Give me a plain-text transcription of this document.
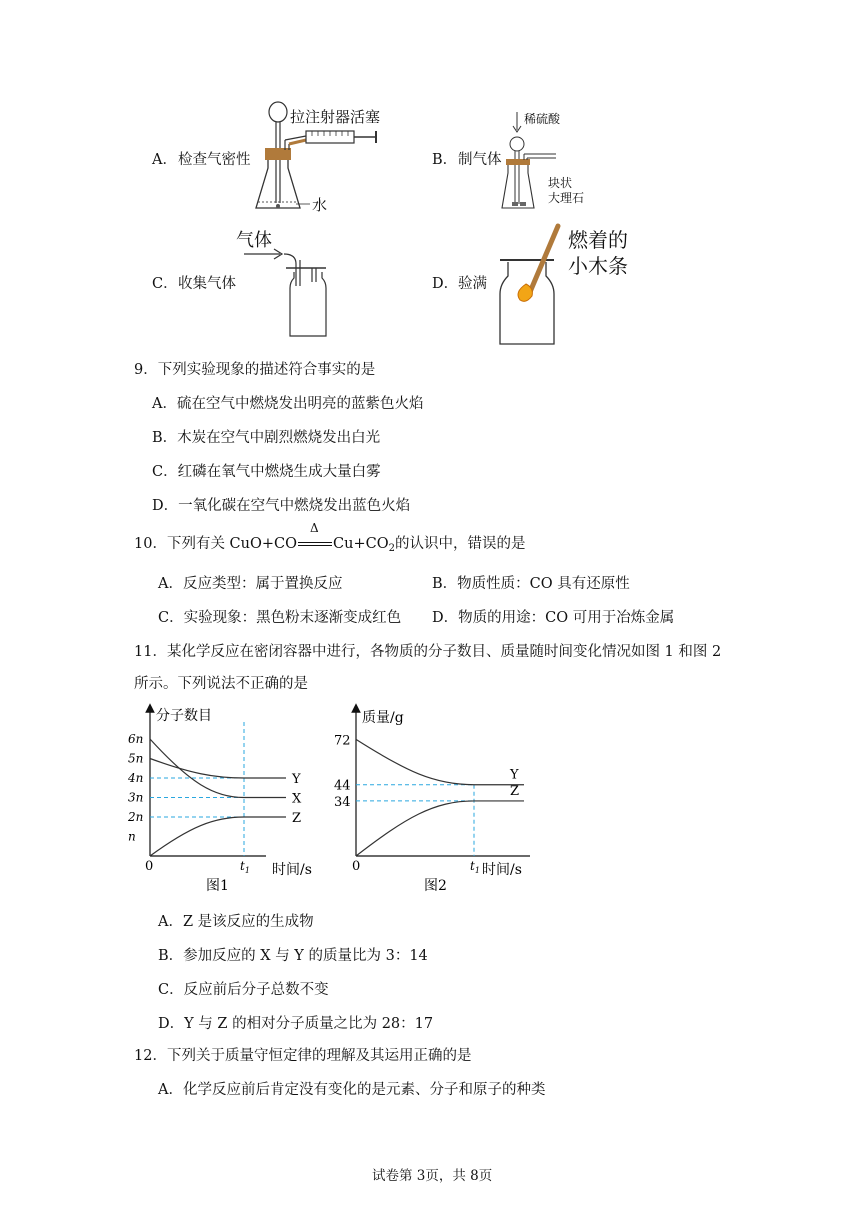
A． 检查气密性
拉注射器活塞
水
B． 制气体
稀硫酸
块状
大理石
C． 收集气体
气体
D． 验满
燃着的
小木条
9．下列实验现象的描述符合事实的是
A．硫在空气中燃烧发出明亮的蓝紫色火焰
B．木炭在空气中剧烈燃烧发出白光
C．红磷在氧气中燃烧生成大量白雾
D．一氧化碳在空气中燃烧发出蓝色火焰
10．下列有关 CuO+CO
Δ
$Cu+CO_2$的认识中，错误的是
A．反应类型：属于置换反应	B．物质性质：CO 具有还原性
C．实验现象：黑色粉末逐渐变成红色 D．物质的用途：CO 可用于冶炼金属
11．某化学反应在密闭容器中进行，各物质的分子数目、质量随时间变化情况如图 1 和图 2
所示。下列说法不正确的是
分子数目
n
2n
3n
4n
5n
6n
X
Y
Z
0	$t_1$ 时间/s
图1
质量/g
34
44
72
Y
Z
0	$t_1$ 时间/s
图2
A．Z 是该反应的生成物
B．参加反应的 X 与 Y 的质量比为 3：14
C．反应前后分子总数不变
D．Y 与 Z 的相对分子质量之比为 28：17
12．下列关于质量守恒定律的理解及其运用正确的是
A．化学反应前后肯定没有变化的是元素、分子和原子的种类
试卷第 3页，共 8页
